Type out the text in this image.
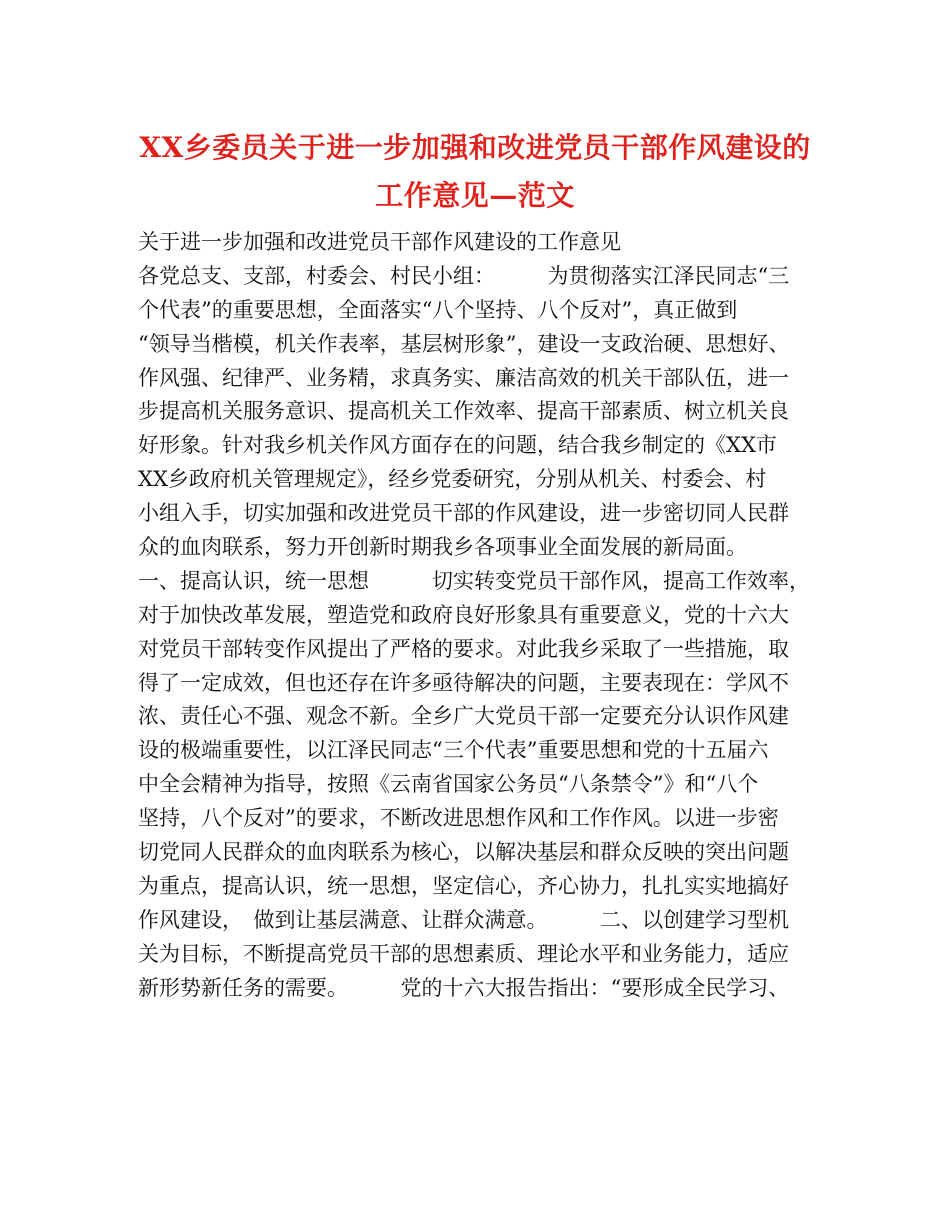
XX乡委员关于进一步加强和改进党员干部作风建设的
工作意见—范文
关于进一步加强和改进党员干部作风建设的工作意见
各党总支、支部，村委会、村民小组：　　　为贯彻落实江泽民同志“三
个代表”的重要思想，全面落实“八个坚持、八个反对”，真正做到
“领导当楷模，机关作表率，基层树形象”，建设一支政治硬、思想好、
作风强、纪律严、业务精，求真务实、廉洁高效的机关干部队伍，进一
步提高机关服务意识、提高机关工作效率、提高干部素质、树立机关良
好形象。针对我乡机关作风方面存在的问题，结合我乡制定的《XX市
XX乡政府机关管理规定》，经乡党委研究，分别从机关、村委会、村
小组入手，切实加强和改进党员干部的作风建设，进一步密切同人民群
众的血肉联系，努力开创新时期我乡各项事业全面发展的新局面。
一、提高认识，统一思想　　　切实转变党员干部作风，提高工作效率，
对于加快改革发展，塑造党和政府良好形象具有重要意义，党的十六大
对党员干部转变作风提出了严格的要求。对此我乡采取了一些措施，取
得了一定成效，但也还存在许多亟待解决的问题，主要表现在：学风不
浓、责任心不强、观念不新。全乡广大党员干部一定要充分认识作风建
设的极端重要性，以江泽民同志“三个代表”重要思想和党的十五届六
中全会精神为指导，按照《云南省国家公务员“八条禁令”》和“八个
坚持，八个反对”的要求，不断改进思想作风和工作作风。以进一步密
切党同人民群众的血肉联系为核心，以解决基层和群众反映的突出问题
为重点，提高认识，统一思想，坚定信心，齐心协力，扎扎实实地搞好
作风建设，　做到让基层满意、让群众满意。　　　二、以创建学习型机
关为目标，不断提高党员干部的思想素质、理论水平和业务能力，适应
新形势新任务的需要。　　　党的十六大报告指出：“要形成全民学习、
